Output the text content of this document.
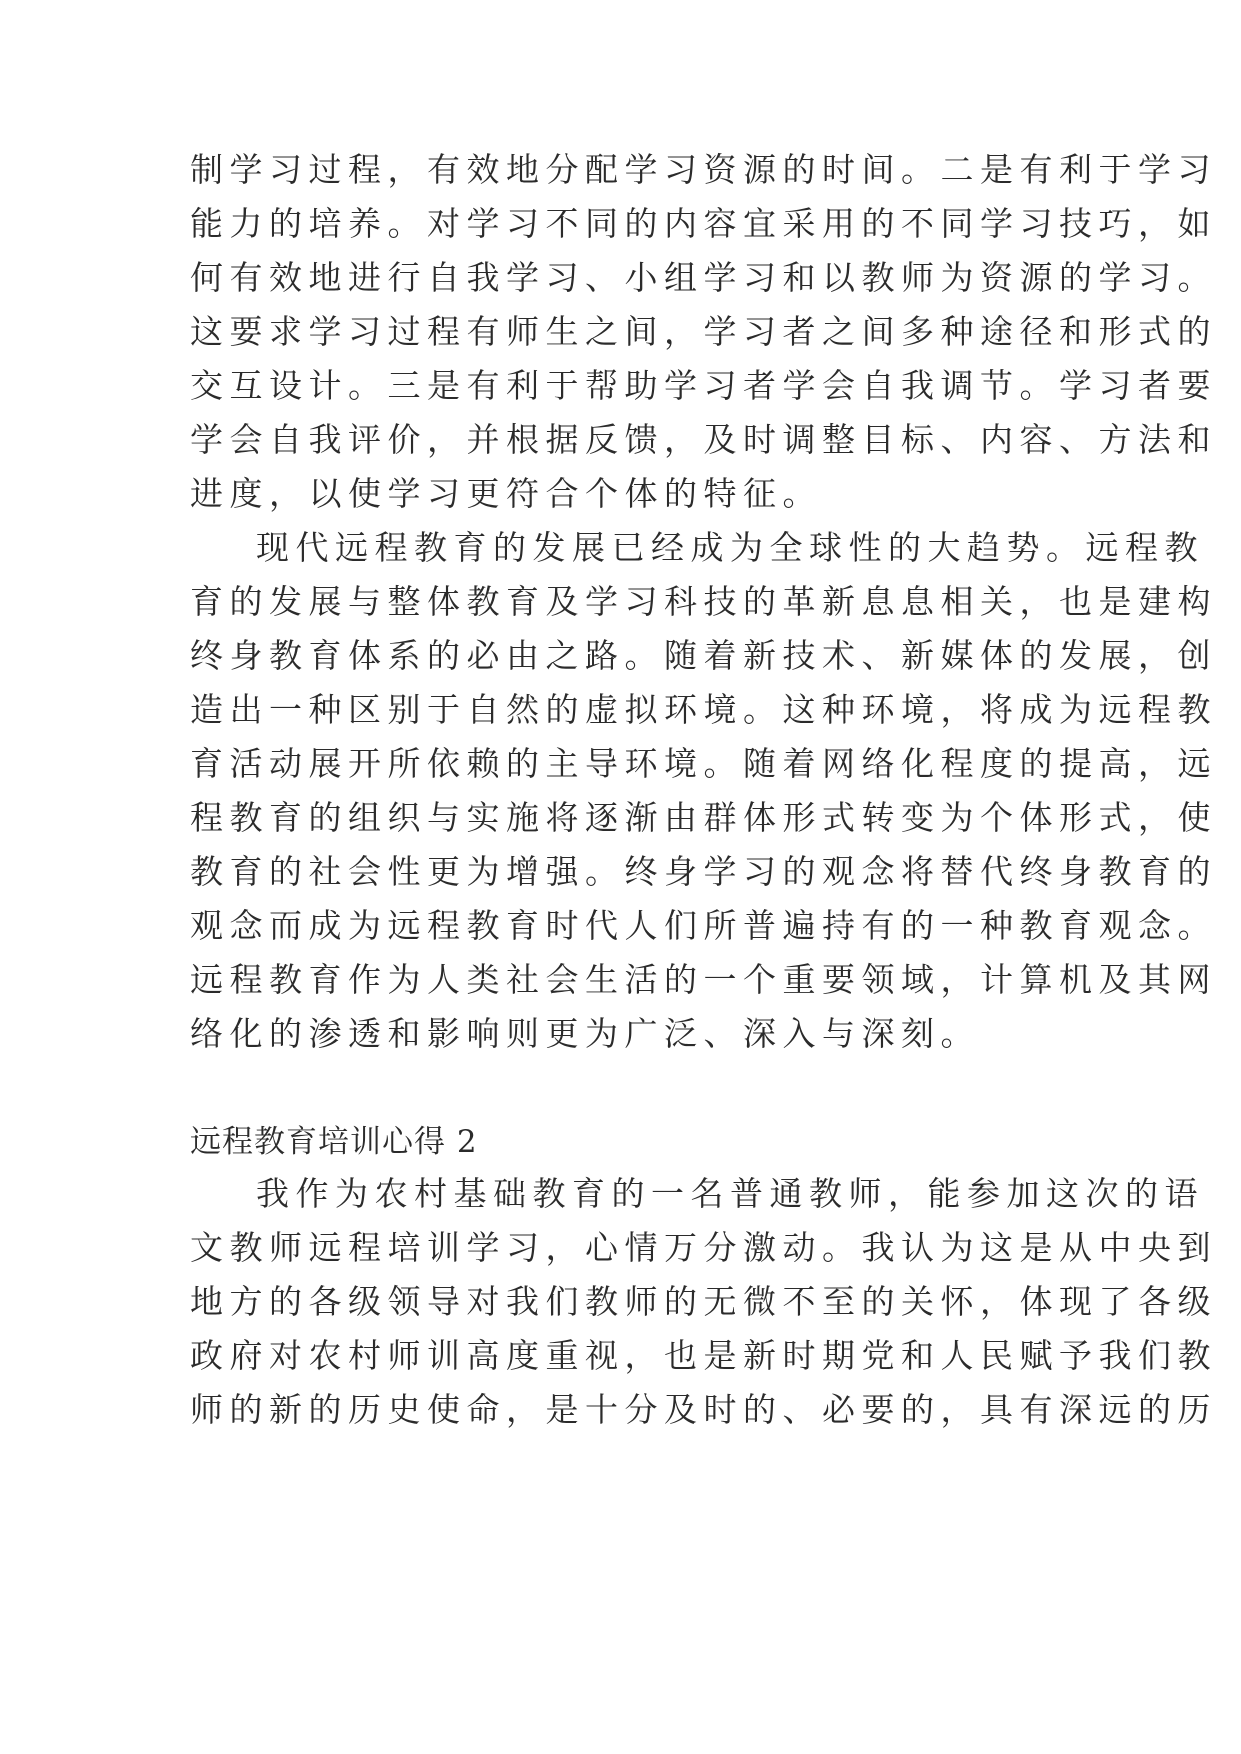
制学习过程，有效地分配学习资源的时间。二是有利于学习
能力的培养。对学习不同的内容宜采用的不同学习技巧，如
何有效地进行自我学习、小组学习和以教师为资源的学习。
这要求学习过程有师生之间，学习者之间多种途径和形式的
交互设计。三是有利于帮助学习者学会自我调节。学习者要
学会自我评价，并根据反馈，及时调整目标、内容、方法和
进度，以使学习更符合个体的特征。
现代远程教育的发展已经成为全球性的大趋势。远程教
育的发展与整体教育及学习科技的革新息息相关，也是建构
终身教育体系的必由之路。随着新技术、新媒体的发展，创
造出一种区别于自然的虚拟环境。这种环境，将成为远程教
育活动展开所依赖的主导环境。随着网络化程度的提高，远
程教育的组织与实施将逐渐由群体形式转变为个体形式，使
教育的社会性更为增强。终身学习的观念将替代终身教育的
观念而成为远程教育时代人们所普遍持有的一种教育观念。
远程教育作为人类社会生活的一个重要领域，计算机及其网
络化的渗透和影响则更为广泛、深入与深刻。
远程教育培训心得 2
我作为农村基础教育的一名普通教师，能参加这次的语
文教师远程培训学习，心情万分激动。我认为这是从中央到
地方的各级领导对我们教师的无微不至的关怀，体现了各级
政府对农村师训高度重视，也是新时期党和人民赋予我们教
师的新的历史使命，是十分及时的、必要的，具有深远的历
